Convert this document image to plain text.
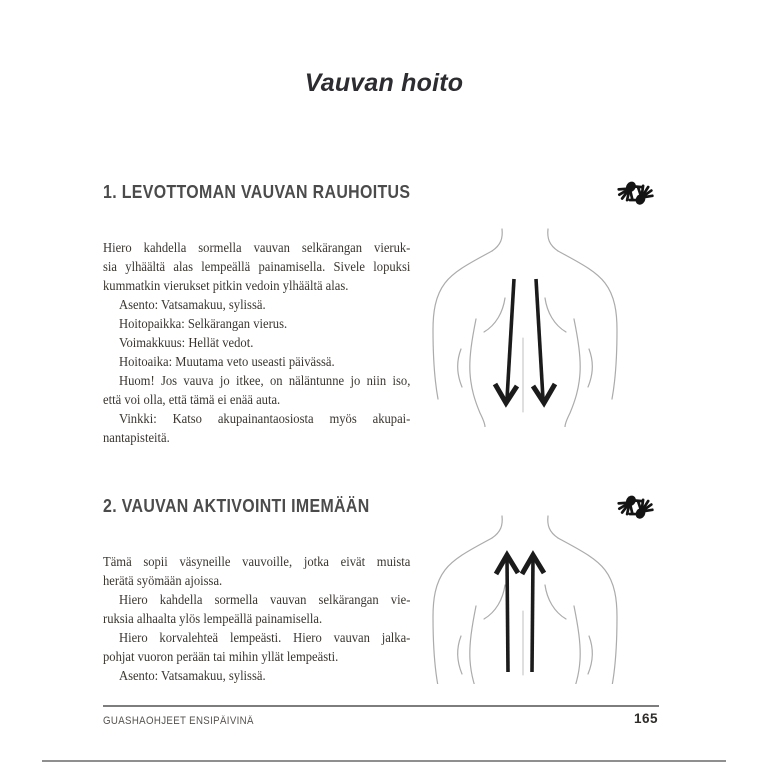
Vauvan hoito
1. LEVOTTOMAN VAUVAN RAUHOITUS
Hiero kahdella sormella vauvan selkärangan vieruk-
sia ylhäältä alas lempeällä painamisella. Sivele lopuksi
kummatkin vierukset pitkin vedoin ylhäältä alas.
Asento: Vatsamakuu, sylissä.
Hoitopaikka: Selkärangan vierus.
Voimakkuus: Hellät vedot.
Hoitoaika: Muutama veto useasti päivässä.
Huom! Jos vauva jo itkee, on näläntunne jo niin iso,
että voi olla, että tämä ei enää auta.
Vinkki: Katso akupainantaosiosta myös akupai-
nantapisteitä.
2. VAUVAN AKTIVOINTI IMEMÄÄN
Tämä sopii väsyneille vauvoille, jotka eivät muista
herätä syömään ajoissa.
Hiero kahdella sormella vauvan selkärangan vie-
ruksia alhaalta ylös lempeällä painamisella.
Hiero korvalehteä lempeästi. Hiero vauvan jalka-
pohjat vuoron perään tai mihin yllät lempeästi.
Asento: Vatsamakuu, sylissä.
GUASHAOHJEET ENSIPÄIVINÄ	165
